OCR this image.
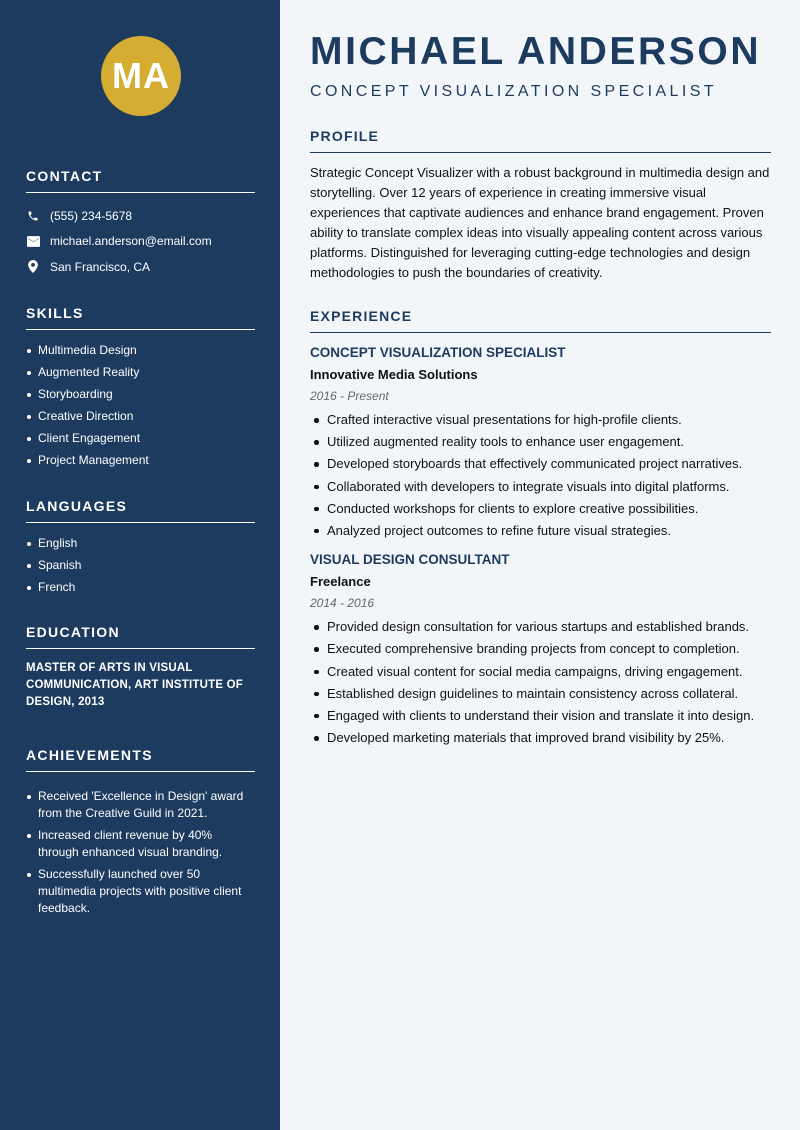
MA
CONTACT
(555) 234-5678
michael.anderson@email.com
San Francisco, CA
SKILLS
Multimedia Design
Augmented Reality
Storyboarding
Creative Direction
Client Engagement
Project Management
LANGUAGES
English
Spanish
French
EDUCATION
MASTER OF ARTS IN VISUAL COMMUNICATION, ART INSTITUTE OF DESIGN, 2013
ACHIEVEMENTS
Received 'Excellence in Design' award from the Creative Guild in 2021.
Increased client revenue by 40% through enhanced visual branding.
Successfully launched over 50 multimedia projects with positive client feedback.
MICHAEL ANDERSON
CONCEPT VISUALIZATION SPECIALIST
PROFILE
Strategic Concept Visualizer with a robust background in multimedia design and storytelling. Over 12 years of experience in creating immersive visual experiences that captivate audiences and enhance brand engagement. Proven ability to translate complex ideas into visually appealing content across various platforms. Distinguished for leveraging cutting-edge technologies and design methodologies to push the boundaries of creativity.
EXPERIENCE
CONCEPT VISUALIZATION SPECIALIST
Innovative Media Solutions
2016 - Present
Crafted interactive visual presentations for high-profile clients.
Utilized augmented reality tools to enhance user engagement.
Developed storyboards that effectively communicated project narratives.
Collaborated with developers to integrate visuals into digital platforms.
Conducted workshops for clients to explore creative possibilities.
Analyzed project outcomes to refine future visual strategies.
VISUAL DESIGN CONSULTANT
Freelance
2014 - 2016
Provided design consultation for various startups and established brands.
Executed comprehensive branding projects from concept to completion.
Created visual content for social media campaigns, driving engagement.
Established design guidelines to maintain consistency across collateral.
Engaged with clients to understand their vision and translate it into design.
Developed marketing materials that improved brand visibility by 25%.
